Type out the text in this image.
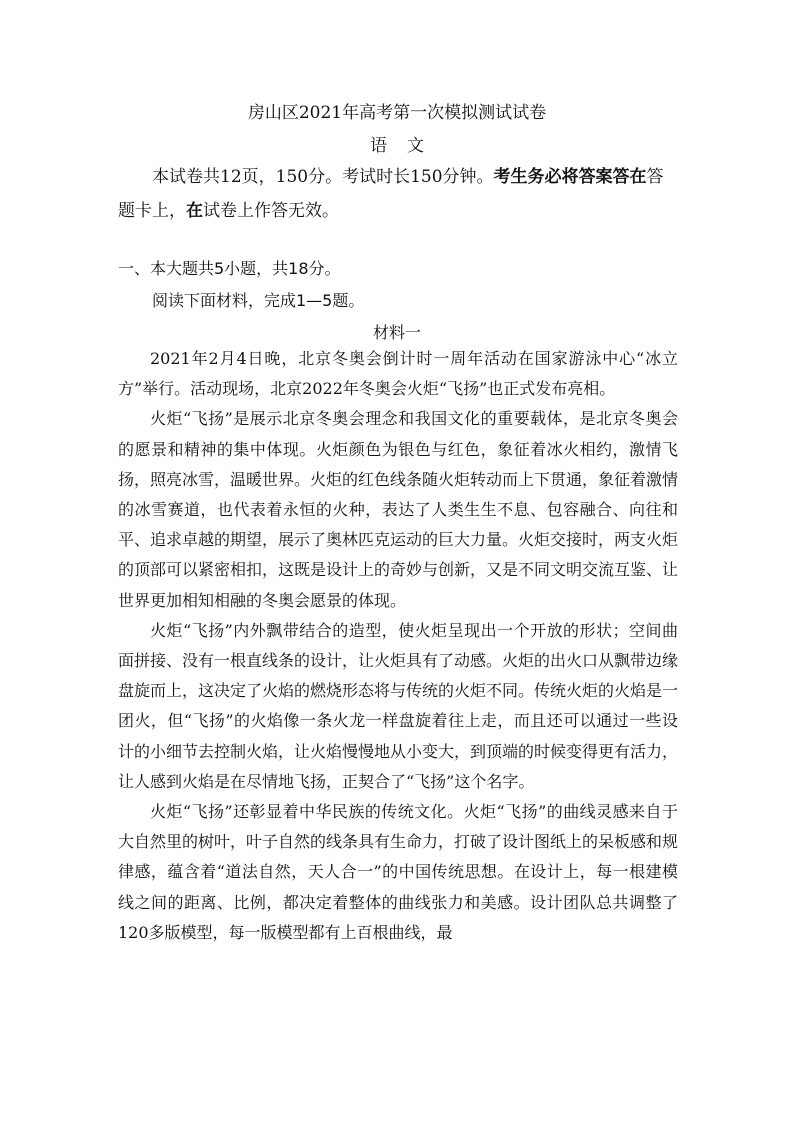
房山区2021年高考第一次模拟测试试卷
语文

本试卷共12页，150分。考试时长150分钟。考生务必将答案答在答题卡上，在试卷上作答无效。

一、本大题共5小题，共18分。
阅读下面材料，完成1—5题。
材料一

2021年2月4日晚，北京冬奥会倒计时一周年活动在国家游泳中心“冰立方”举行。活动现场，北京2022年冬奥会火炬“飞扬”也正式发布亮相。

火炬“飞扬”是展示北京冬奥会理念和我国文化的重要载体，是北京冬奥会的愿景和精神的集中体现。火炬颜色为银色与红色，象征着冰火相约，激情飞扬，照亮冰雪，温暖世界。火炬的红色线条随火炬转动而上下贯通，象征着激情的冰雪赛道，也代表着永恒的火种，表达了人类生生不息、包容融合、向往和平、追求卓越的期望，展示了奥林匹克运动的巨大力量。火炬交接时，两支火炬的顶部可以紧密相扣，这既是设计上的奇妙与创新，又是不同文明交流互鉴、让世界更加相知相融的冬奥会愿景的体现。

火炬“飞扬”内外飘带结合的造型，使火炬呈现出一个开放的形状；空间曲面拼接、没有一根直线条的设计，让火炬具有了动感。火炬的出火口从飘带边缘盘旋而上，这决定了火焰的燃烧形态将与传统的火炬不同。传统火炬的火焰是一团火，但“飞扬”的火焰像一条火龙一样盘旋着往上走，而且还可以通过一些设计的小细节去控制火焰，让火焰慢慢地从小变大，到顶端的时候变得更有活力，让人感到火焰是在尽情地飞扬，正契合了“飞扬”这个名字。

火炬“飞扬”还彰显着中华民族的传统文化。火炬“飞扬”的曲线灵感来自于大自然里的树叶，叶子自然的线条具有生命力，打破了设计图纸上的呆板感和规律感，蕴含着“道法自然，天人合一”的中国传统思想。在设计上，每一根建模线之间的距离、比例，都决定着整体的曲线张力和美感。设计团队总共调整了120多版模型，每一版模型都有上百根曲线，最
